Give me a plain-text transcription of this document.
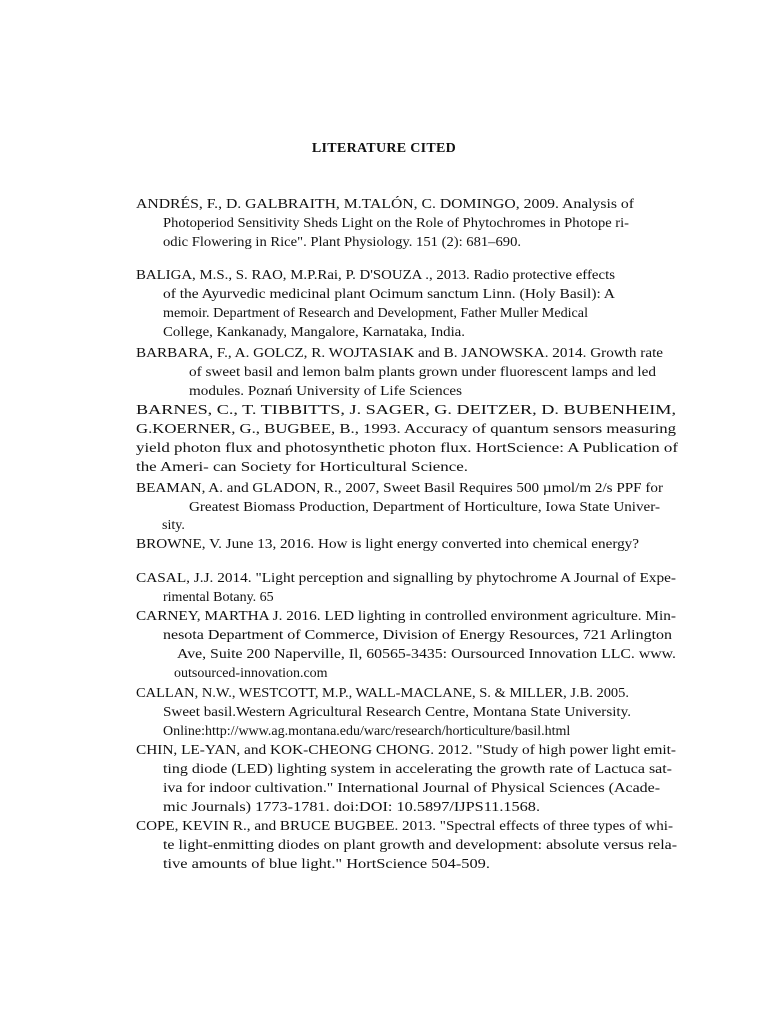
LITERATURE CITED
ANDRÉS, F., D. GALBRAITH, M.TALÓN, C. DOMINGO, 2009. Analysis of
Photoperiod Sensitivity Sheds Light on the Role of Phytochromes in Photope ri-
odic Flowering in Rice". Plant Physiology. 151 (2): 681–690.
BALIGA, M.S., S. RAO, M.P.Rai, P. D'SOUZA ., 2013. Radio protective effects
of the Ayurvedic medicinal plant Ocimum sanctum Linn. (Holy Basil): A
memoir. Department of Research and Development, Father Muller Medical
College, Kankanady, Mangalore, Karnataka, India.
BARBARA, F., A. GOLCZ, R. WOJTASIAK and B. JANOWSKA. 2014. Growth rate
of sweet basil and lemon balm plants grown under fluorescent lamps and led
modules. Poznań University of Life Sciences
BARNES, C., T. TIBBITTS, J. SAGER, G. DEITZER, D. BUBENHEIM,
G.KOERNER, G., BUGBEE, B., 1993. Accuracy of quantum sensors measuring
yield photon flux and photosynthetic photon flux. HortScience: A Publication of
the Ameri- can Society for Horticultural Science.
BEAMAN, A. and GLADON, R., 2007, Sweet Basil Requires 500 µmol/m 2/s PPF for
Greatest Biomass Production, Department of Horticulture, Iowa State Univer-
sity.
BROWNE, V. June 13, 2016. How is light energy converted into chemical energy?
CASAL, J.J. 2014. "Light perception and signalling by phytochrome A Journal of Expe-
rimental Botany. 65
CARNEY, MARTHA J. 2016. LED lighting in controlled environment agriculture. Min-
nesota Department of Commerce, Division of Energy Resources, 721 Arlington
Ave, Suite 200 Naperville, Il, 60565-3435: Oursourced Innovation LLC. www.
outsourced-innovation.com
CALLAN, N.W., WESTCOTT, M.P., WALL-MACLANE, S. & MILLER, J.B. 2005.
Sweet basil.Western Agricultural Research Centre, Montana State University.
Online:http://www.ag.montana.edu/warc/research/horticulture/basil.html
CHIN, LE-YAN, and KOK-CHEONG CHONG. 2012. "Study of high power light emit-
ting diode (LED) lighting system in accelerating the growth rate of Lactuca sat-
iva for indoor cultivation." International Journal of Physical Sciences (Acade-
mic Journals) 1773-1781. doi:DOI: 10.5897/IJPS11.1568.
COPE, KEVIN R., and BRUCE BUGBEE. 2013. "Spectral effects of three types of whi-
te light-enmitting diodes on plant growth and development: absolute versus rela-
tive amounts of blue light." HortScience 504-509.
